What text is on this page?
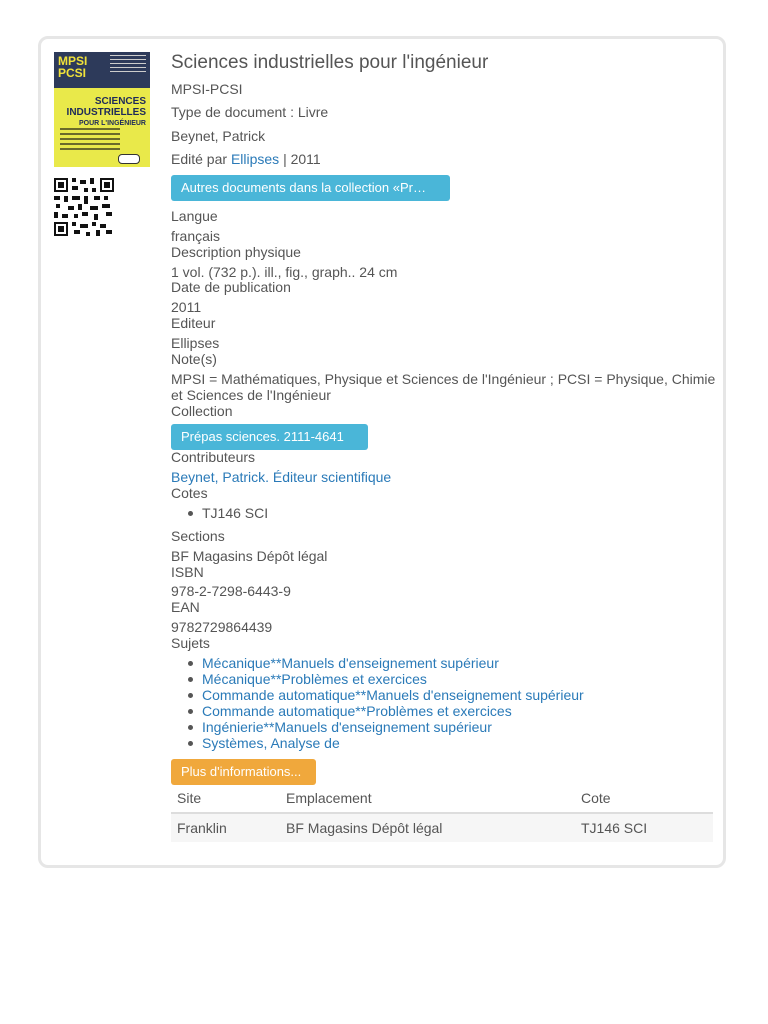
MPSI
PCSI
SCIENCES
INDUSTRIELLES
POUR L'INGÉNIEUR
Sciences industrielles pour l'ingénieur
MPSI-PCSI
Type de document : Livre
Beynet, Patrick
Edité par Ellipses | 2011
Autres documents dans la collection «Pr…
Langue
français
Description physique
1 vol. (732 p.). ill., fig., graph.. 24 cm
Date de publication
2011
Editeur
Ellipses
Note(s)
MPSI = Mathématiques, Physique et Sciences de l'Ingénieur ; PCSI = Physique, Chimie
et Sciences de l'Ingénieur
Collection
Prépas sciences. 2111-4641
Contributeurs
Beynet, Patrick. Éditeur scientifique
Cotes
TJ146 SCI
Sections
BF Magasins Dépôt légal
ISBN
978-2-7298-6443-9
EAN
9782729864439
Sujets
Mécanique**Manuels d'enseignement supérieur
Mécanique**Problèmes et exercices
Commande automatique**Manuels d'enseignement supérieur
Commande automatique**Problèmes et exercices
Ingénierie**Manuels d'enseignement supérieur
Systèmes, Analyse de
Plus d'informations...
Site	Emplacement	Cote
Franklin	BF Magasins Dépôt légal	TJ146 SCI
